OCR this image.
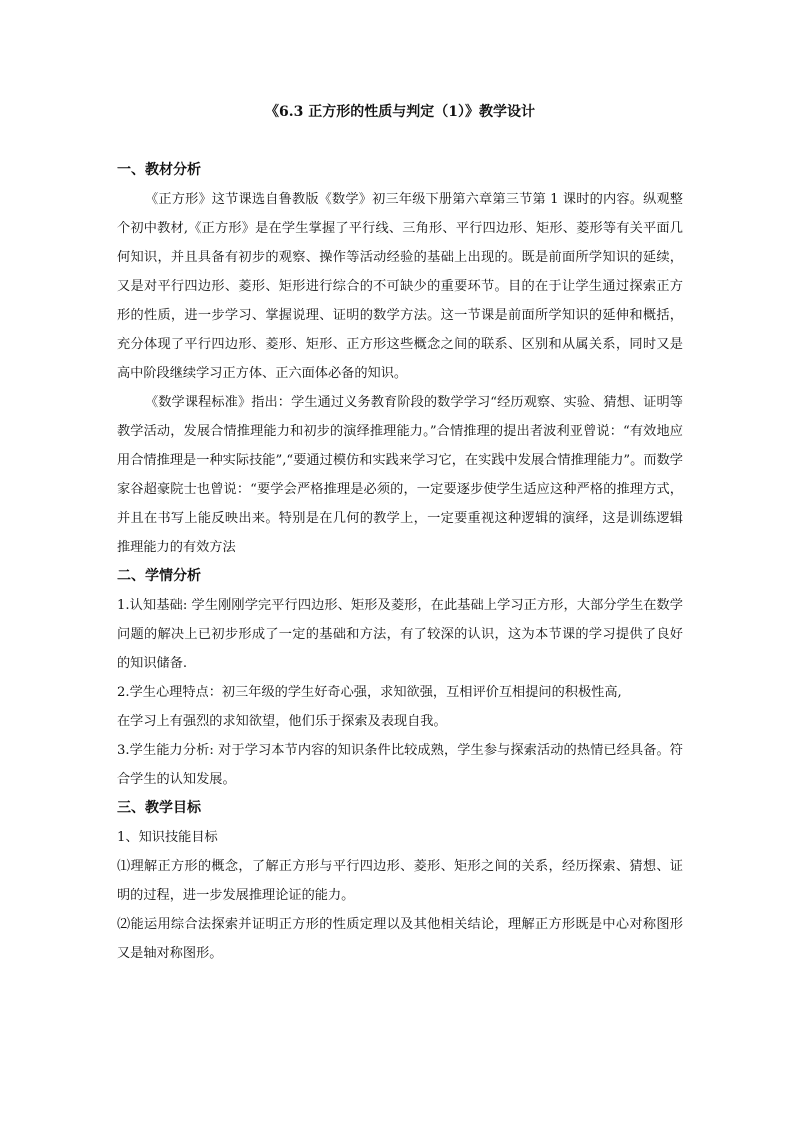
《6.3 正方形的性质与判定（1）》教学设计
一、教材分析

《正方形》这节课选自鲁教版《数学》初三年级下册第六章第三节第 1 课时的内容。纵观整个初中教材,《正方形》是在学生掌握了平行线、三角形、平行四边形、矩形、菱形等有关平面几何知识，并且具备有初步的观察、操作等活动经验的基础上出现的。既是前面所学知识的延续，又是对平行四边形、菱形、矩形进行综合的不可缺少的重要环节。目的在于让学生通过探索正方形的性质，进一步学习、掌握说理、证明的数学方法。这一节课是前面所学知识的延伸和概括，充分体现了平行四边形、菱形、矩形、正方形这些概念之间的联系、区别和从属关系，同时又是高中阶段继续学习正方体、正六面体必备的知识。

《数学课程标准》指出：学生通过义务教育阶段的数学学习“经历观察、实验、猜想、证明等教学活动，发展合情推理能力和初步的演绎推理能力。”合情推理的提出者波利亚曾说：“有效地应用合情推理是一种实际技能”,“要通过模仿和实践来学习它，在实践中发展合情推理能力”。而数学家谷超豪院士也曾说：“要学会严格推理是必须的，一定要逐步使学生适应这种严格的推理方式，并且在书写上能反映出来。特别是在几何的教学上，一定要重视这种逻辑的演绎，这是训练逻辑推理能力的有效方法

二、学情分析

1.认知基础: 学生刚刚学完平行四边形、矩形及菱形，在此基础上学习正方形，大部分学生在数学问题的解决上已初步形成了一定的基础和方法，有了较深的认识，这为本节课的学习提供了良好的知识储备.

2.学生心理特点：初三年级的学生好奇心强，求知欲强，互相评价互相提问的积极性高,

在学习上有强烈的求知欲望，他们乐于探索及表现自我。

3.学生能力分析: 对于学习本节内容的知识条件比较成熟，学生参与探索活动的热情已经具备。符合学生的认知发展。

三、教学目标

1、知识技能目标

⑴理解正方形的概念，了解正方形与平行四边形、菱形、矩形之间的关系，经历探索、猜想、证明的过程，进一步发展推理论证的能力。

⑵能运用综合法探索并证明正方形的性质定理以及其他相关结论，理解正方形既是中心对称图形又是轴对称图形。
